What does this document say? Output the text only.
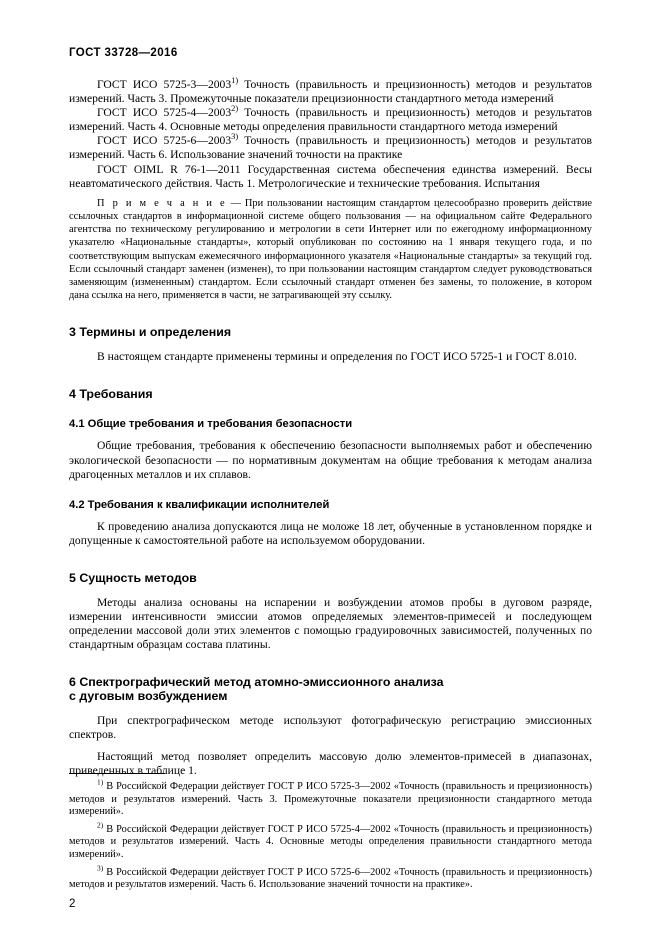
ГОСТ 33728—2016

ГОСТ ИСО 5725-3—2003$^{1)}$ Точность (правильность и прецизионность) методов и результатов измерений. Часть 3. Промежуточные показатели прецизионности стандартного метода измерений

ГОСТ ИСО 5725-4—2003$^{2)}$ Точность (правильность и прецизионность) методов и результатов измерений. Часть 4. Основные методы определения правильности стандартного метода измерений

ГОСТ ИСО 5725-6—2003$^{3)}$ Точность (правильность и прецизионность) методов и результатов измерений. Часть 6. Использование значений точности на практике

ГОСТ OIML R 76-1—2011 Государственная система обеспечения единства измерений. Весы неавтоматического действия. Часть 1. Метрологические и технические требования. Испытания

П р и м е ч а н и е — При пользовании настоящим стандартом целесообразно проверить действие ссылочных стандартов в информационной системе общего пользования — на официальном сайте Федерального агентства по техническому регулированию и метрологии в сети Интернет или по ежегодному информационному указателю «Национальные стандарты», который опубликован по состоянию на 1 января текущего года, и по соответствующим выпускам ежемесячного информационного указателя «Национальные стандарты» за текущий год. Если ссылочный стандарт заменен (изменен), то при пользовании настоящим стандартом следует руководствоваться заменяющим (измененным) стандартом. Если ссылочный стандарт отменен без замены, то положение, в котором дана ссылка на него, применяется в части, не затрагивающей эту ссылку.
3 Термины и определения

В настоящем стандарте применены термины и определения по ГОСТ ИСО 5725-1 и ГОСТ 8.010.

4 Требования
4.1 Общие требования и требования безопасности

Общие требования, требования к обеспечению безопасности выполняемых работ и обеспечению экологической безопасности — по нормативным документам на общие требования к методам анализа драгоценных металлов и их сплавов.

4.2 Требования к квалификации исполнителей

К проведению анализа допускаются лица не моложе 18 лет, обученные в установленном порядке и допущенные к самостоятельной работе на используемом оборудовании.

5 Сущность методов

Методы анализа основаны на испарении и возбуждении атомов пробы в дуговом разряде, измерении интенсивности эмиссии атомов определяемых элементов-примесей и последующем определении массовой доли этих элементов с помощью градуировочных зависимостей, полученных по стандартным образцам состава платины.

6 Спектрографический метод атомно-эмиссионного анализа
с дуговым возбуждением

При спектрографическом методе используют фотографическую регистрацию эмиссионных спектров.

Настоящий метод позволяет определить массовую долю элементов-примесей в диапазонах, приведенных в таблице 1.

$^{1)}$ В Российской Федерации действует ГОСТ Р ИСО 5725-3—2002 «Точность (правильность и прецизионность) методов и результатов измерений. Часть 3. Промежуточные показатели прецизионности стандартного метода измерений».
$^{2)}$ В Российской Федерации действует ГОСТ Р ИСО 5725-4—2002 «Точность (правильность и прецизионность) методов и результатов измерений. Часть 4. Основные методы определения правильности стандартного метода измерений».
$^{3)}$ В Российской Федерации действует ГОСТ Р ИСО 5725-6—2002 «Точность (правильность и прецизионность) методов и результатов измерений. Часть 6. Использование значений точности на практике».
2
